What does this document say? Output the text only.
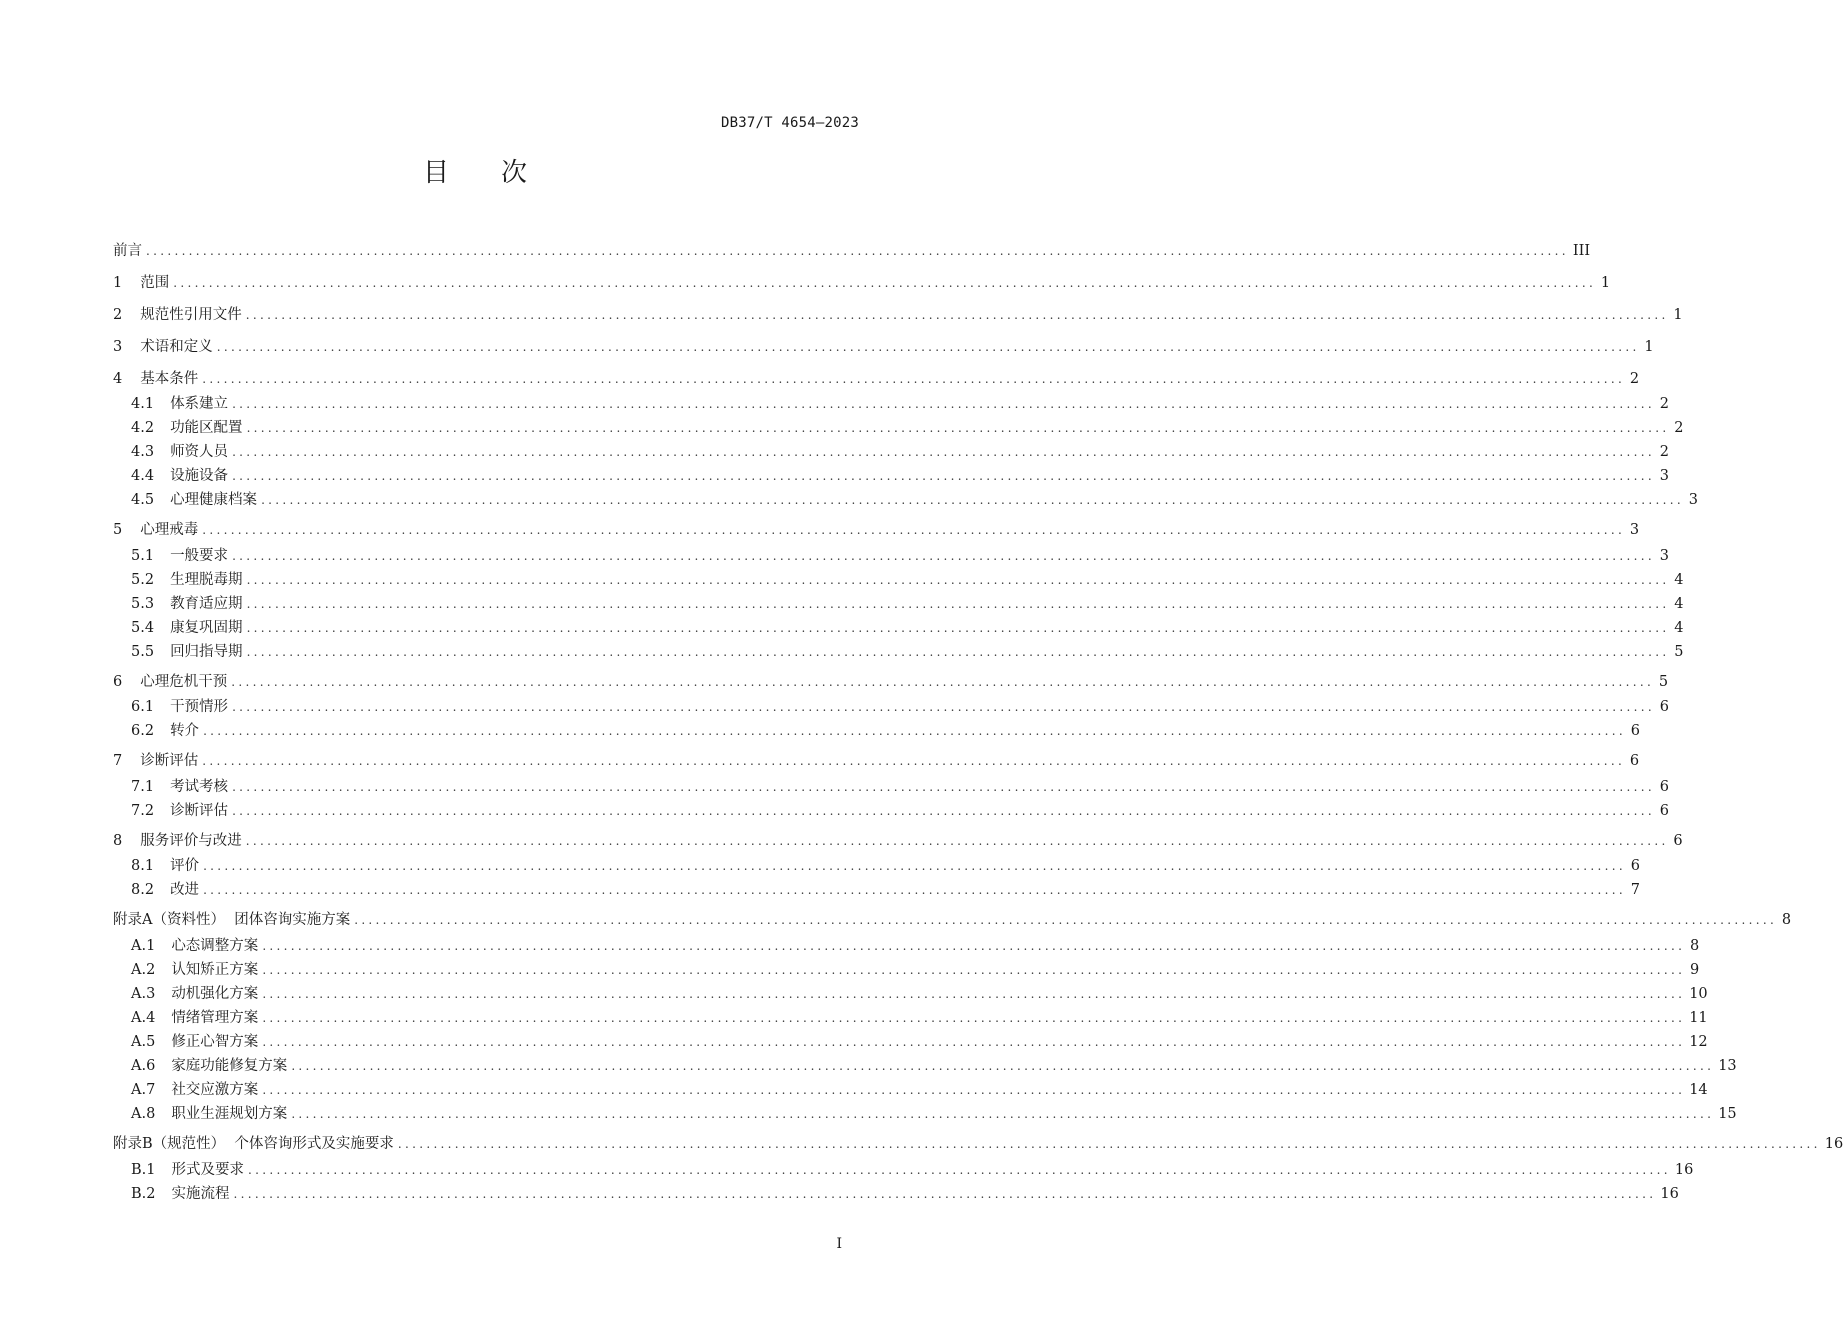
DB37/T 4654—2023
目 次
前言 ........................................................................................................................................................................................................ III
1 范围 ........................................................................................................................................................................................................ 1
2 规范性引用文件 ........................................................................................................................................................................................................ 1
3 术语和定义 ........................................................................................................................................................................................................ 1
4 基本条件 ........................................................................................................................................................................................................ 2
4.1 体系建立 ........................................................................................................................................................................................................ 2
4.2 功能区配置 ........................................................................................................................................................................................................ 2
4.3 师资人员 ........................................................................................................................................................................................................ 2
4.4 设施设备 ........................................................................................................................................................................................................ 3
4.5 心理健康档案 ........................................................................................................................................................................................................ 3
5 心理戒毒 ........................................................................................................................................................................................................ 3
5.1 一般要求 ........................................................................................................................................................................................................ 3
5.2 生理脱毒期 ........................................................................................................................................................................................................ 4
5.3 教育适应期 ........................................................................................................................................................................................................ 4
5.4 康复巩固期 ........................................................................................................................................................................................................ 4
5.5 回归指导期 ........................................................................................................................................................................................................ 5
6 心理危机干预 ........................................................................................................................................................................................................ 5
6.1 干预情形 ........................................................................................................................................................................................................ 6
6.2 转介 ........................................................................................................................................................................................................ 6
7 诊断评估 ........................................................................................................................................................................................................ 6
7.1 考试考核 ........................................................................................................................................................................................................ 6
7.2 诊断评估 ........................................................................................................................................................................................................ 6
8 服务评价与改进 ........................................................................................................................................................................................................ 6
8.1 评价 ........................................................................................................................................................................................................ 6
8.2 改进 ........................................................................................................................................................................................................ 7
附录A（资料性）  团体咨询实施方案 ........................................................................................................................................................................................................ 8
A.1 心态调整方案 ........................................................................................................................................................................................................ 8
A.2 认知矫正方案 ........................................................................................................................................................................................................ 9
A.3 动机强化方案 ........................................................................................................................................................................................................ 10
A.4 情绪管理方案 ........................................................................................................................................................................................................ 11
A.5 修正心智方案 ........................................................................................................................................................................................................ 12
A.6 家庭功能修复方案 ........................................................................................................................................................................................................ 13
A.7 社交应激方案 ........................................................................................................................................................................................................ 14
A.8 职业生涯规划方案 ........................................................................................................................................................................................................ 15
附录B（规范性）  个体咨询形式及实施要求 ........................................................................................................................................................................................................ 16
B.1 形式及要求 ........................................................................................................................................................................................................ 16
B.2 实施流程 ........................................................................................................................................................................................................ 16
I
